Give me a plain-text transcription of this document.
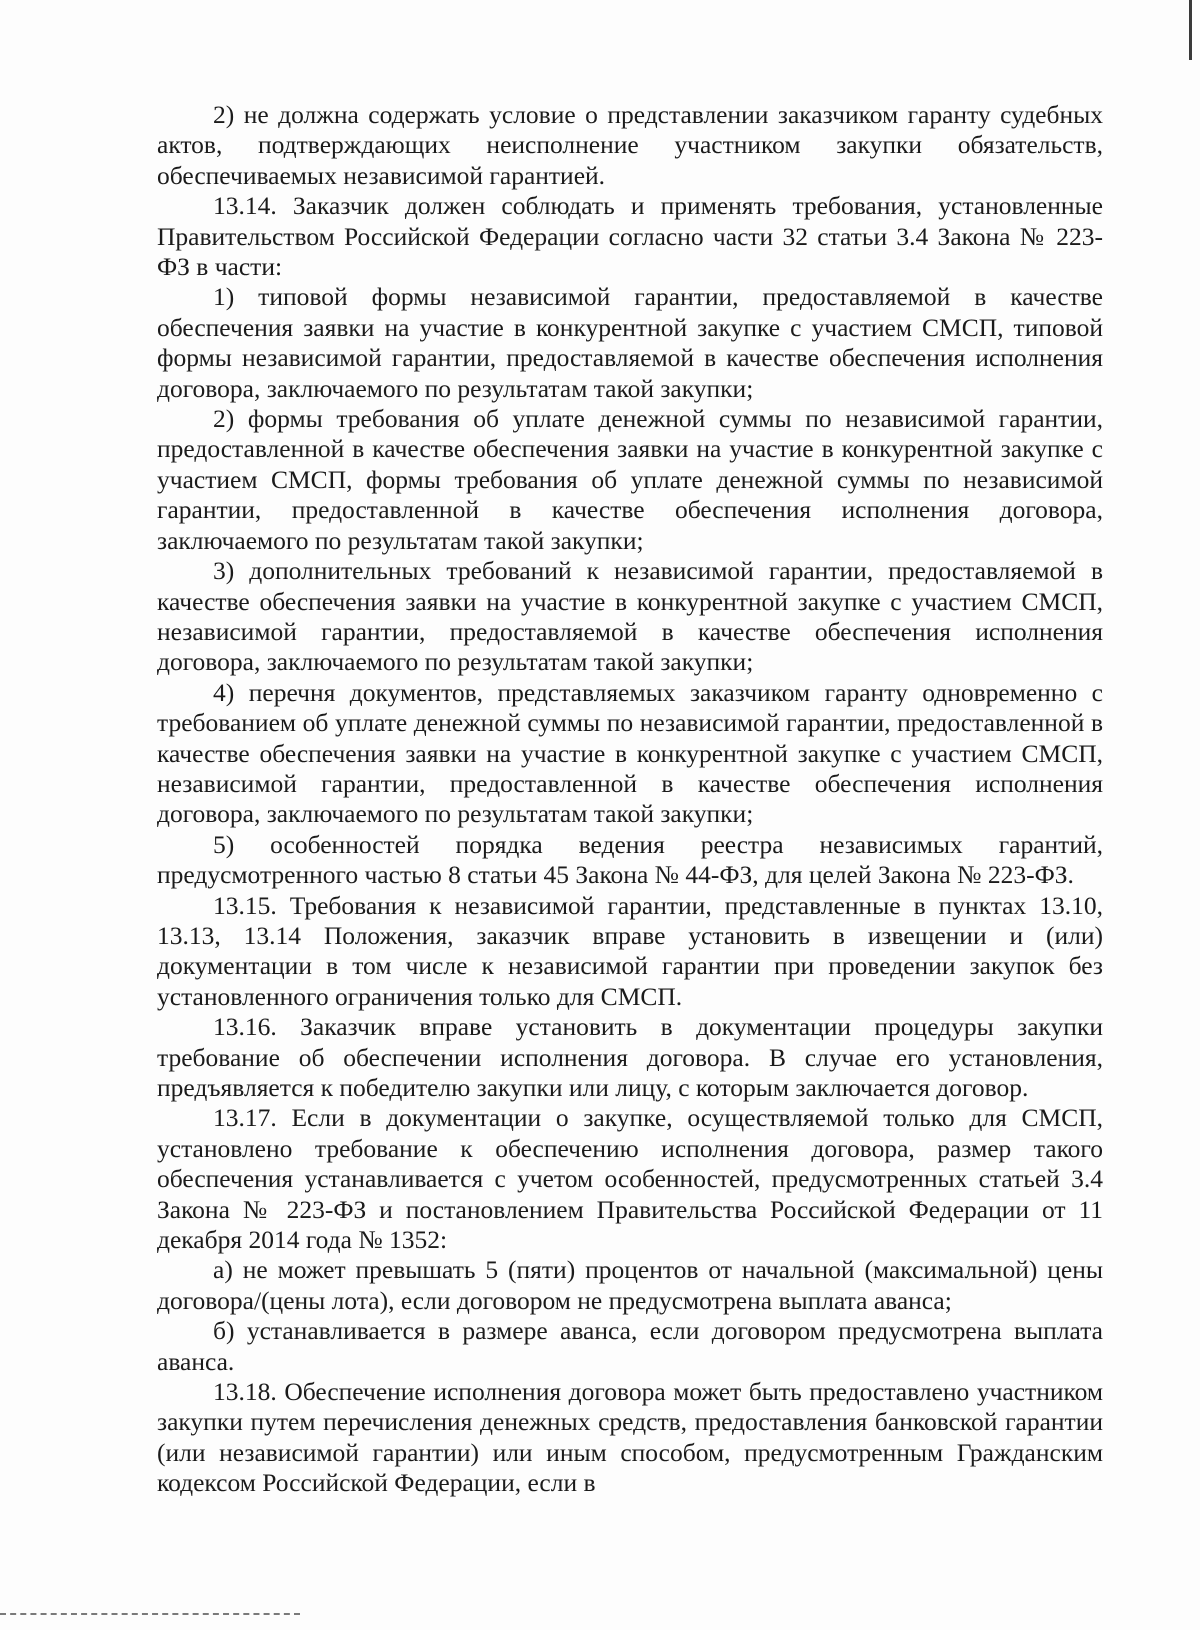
2) не должна содержать условие о представлении заказчиком гаранту судебных актов, подтверждающих неисполнение участником закупки обязательств, обеспечиваемых независимой гарантией.

13.14. Заказчик должен соблюдать и применять требования, установленные Правительством Российской Федерации согласно части 32 статьи 3.4 Закона № 223-ФЗ в части:

1) типовой формы независимой гарантии, предоставляемой в качестве обеспечения заявки на участие в конкурентной закупке с участием СМСП, типовой формы независимой гарантии, предоставляемой в качестве обеспечения исполнения договора, заключаемого по результатам такой закупки;

2) формы требования об уплате денежной суммы по независимой гарантии, предоставленной в качестве обеспечения заявки на участие в конкурентной закупке с участием СМСП, формы требования об уплате денежной суммы по независимой гарантии, предоставленной в качестве обеспечения исполнения договора, заключаемого по результатам такой закупки;

3) дополнительных требований к независимой гарантии, предоставляемой в качестве обеспечения заявки на участие в конкурентной закупке с участием СМСП, независимой гарантии, предоставляемой в качестве обеспечения исполнения договора, заключаемого по результатам такой закупки;

4) перечня документов, представляемых заказчиком гаранту одновременно с требованием об уплате денежной суммы по независимой гарантии, предоставленной в качестве обеспечения заявки на участие в конкурентной закупке с участием СМСП, независимой гарантии, предоставленной в качестве обеспечения исполнения договора, заключаемого по результатам такой закупки;

5) особенностей порядка ведения реестра независимых гарантий, предусмотренного частью 8 статьи 45 Закона № 44-ФЗ, для целей Закона № 223-ФЗ.

13.15. Требования к независимой гарантии, представленные в пунктах 13.10, 13.13, 13.14 Положения, заказчик вправе установить в извещении и (или) документации в том числе к независимой гарантии при проведении закупок без установленного ограничения только для СМСП.

13.16. Заказчик вправе установить в документации процедуры закупки требование об обеспечении исполнения договора. В случае его установления, предъявляется к победителю закупки или лицу, с которым заключается договор.

13.17. Если в документации о закупке, осуществляемой только для СМСП, установлено требование к обеспечению исполнения договора, размер такого обеспечения устанавливается с учетом особенностей, предусмотренных статьей 3.4 Закона № 223-ФЗ и постановлением Правительства Российской Федерации от 11 декабря 2014 года № 1352:

а) не может превышать 5 (пяти) процентов от начальной (максимальной) цены договора/(цены лота), если договором не предусмотрена выплата аванса;

б) устанавливается в размере аванса, если договором предусмотрена выплата аванса.

13.18. Обеспечение исполнения договора может быть предоставлено участником закупки путем перечисления денежных средств, предоставления банковской гарантии (или независимой гарантии) или иным способом, предусмотренным Гражданским кодексом Российской Федерации, если в
